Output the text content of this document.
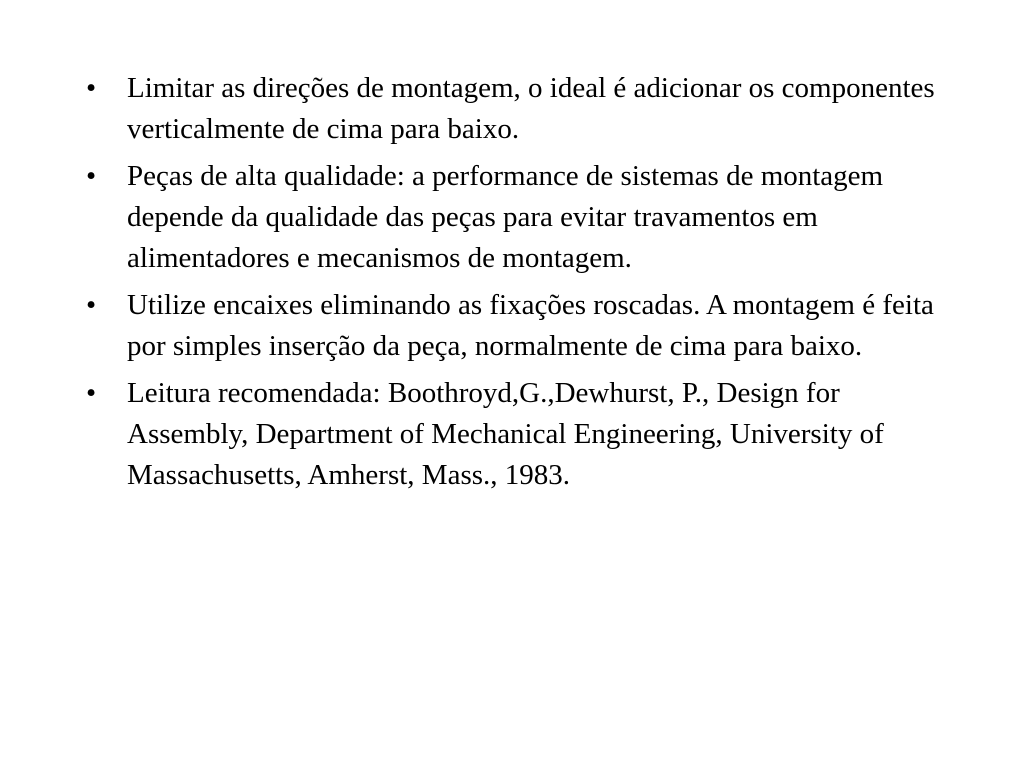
•	Limitar as direções de montagem, o ideal é adicionar os componentes verticalmente de cima para baixo.
•	Peças de alta qualidade: a performance de sistemas de montagem depende da qualidade das peças para evitar travamentos em alimentadores e mecanismos de montagem.
•	Utilize encaixes eliminando as fixações roscadas. A montagem é feita por simples inserção da peça, normalmente de cima para baixo.
•	Leitura recomendada: Boothroyd,G.,Dewhurst, P., Design for Assembly, Department of Mechanical Engineering, University of Massachusetts, Amherst, Mass., 1983.
